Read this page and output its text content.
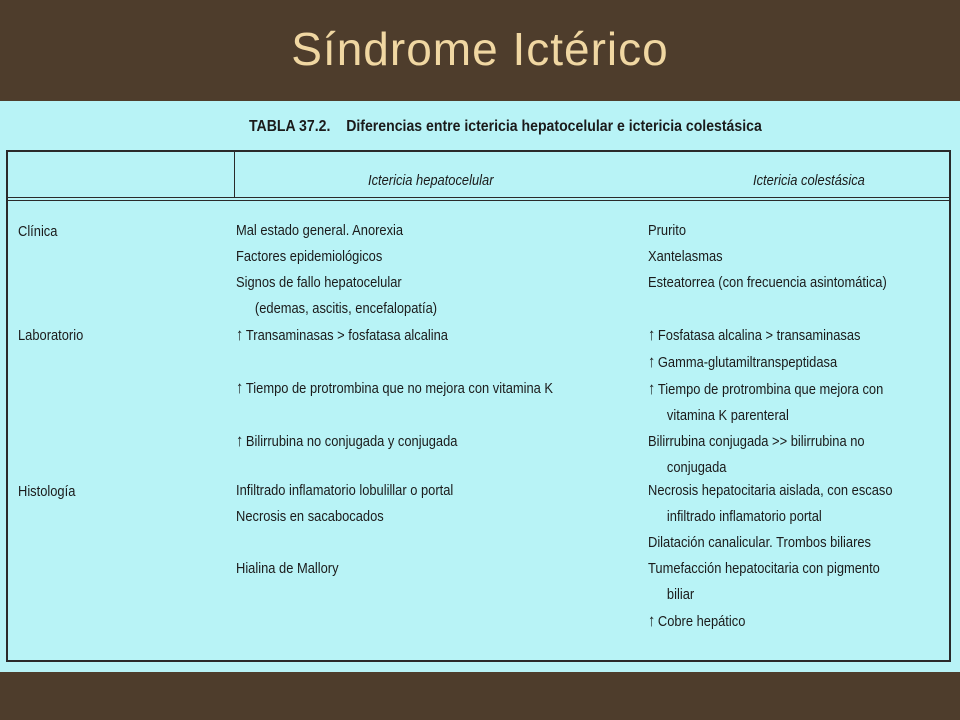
Síndrome Ictérico
TABLA 37.2. Diferencias entre ictericia hepatocelular e ictericia colestásica
Ictericia hepatocelular	Ictericia colestásica
Clínica
Laboratorio
Histología
Mal estado general. Anorexia
Factores epidemiológicos
Signos de fallo hepatocelular
(edemas, ascitis, encefalopatía)
Prurito
Xantelasmas
Esteatorrea (con frecuencia asintomática)
↑ Transaminasas > fosfatasa alcalina

↑ Tiempo de protrombina que no mejora con vitamina K

↑ Bilirrubina no conjugada y conjugada
↑ Fosfatasa alcalina > transaminasas
↑ Gamma-glutamiltranspeptidasa
↑ Tiempo de protrombina que mejora con
vitamina K parenteral
Bilirrubina conjugada >> bilirrubina no
conjugada
Infiltrado inflamatorio lobulillar o portal
Necrosis en sacabocados

Hialina de Mallory
Necrosis hepatocitaria aislada, con escaso
infiltrado inflamatorio portal
Dilatación canalicular. Trombos biliares
Tumefacción hepatocitaria con pigmento
biliar
↑ Cobre hepático
